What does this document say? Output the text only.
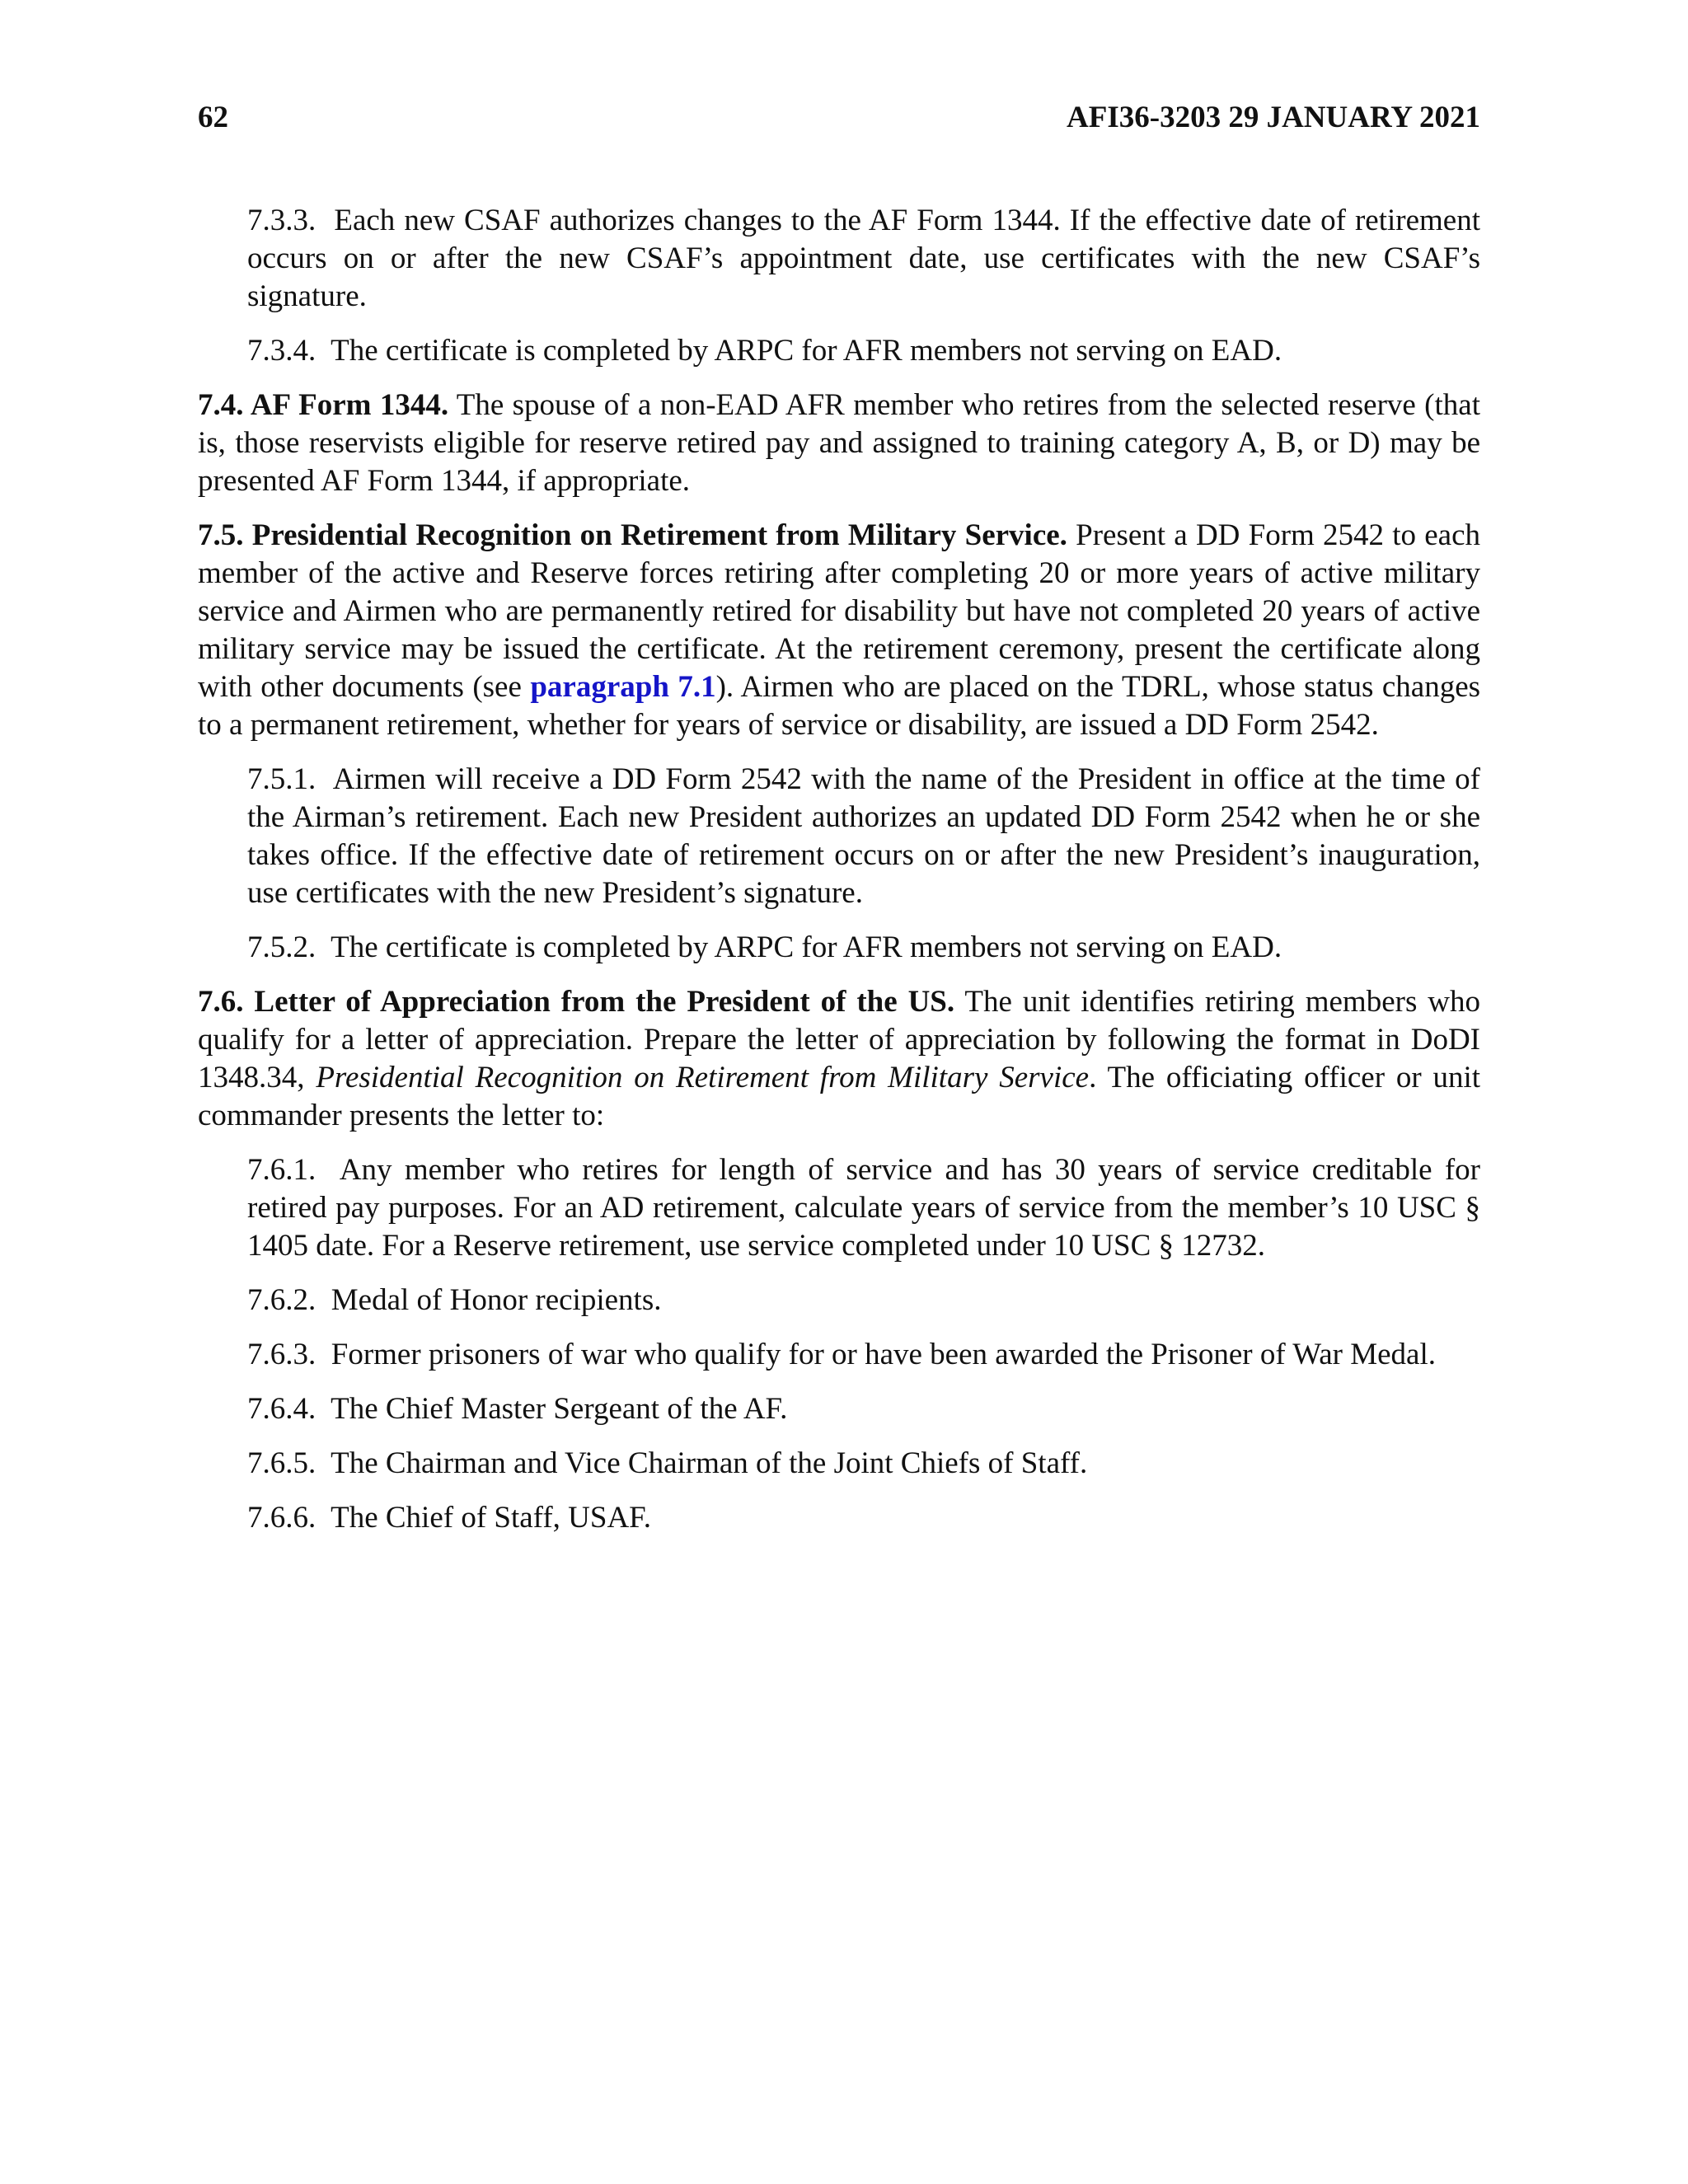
62	AFI36-3203 29 JANUARY 2021

7.3.3. Each new CSAF authorizes changes to the AF Form 1344. If the effective date of retirement occurs on or after the new CSAF’s appointment date, use certificates with the new CSAF’s signature.

7.3.4. The certificate is completed by ARPC for AFR members not serving on EAD.

7.4. AF Form 1344. The spouse of a non-EAD AFR member who retires from the selected reserve (that is, those reservists eligible for reserve retired pay and assigned to training category A, B, or D) may be presented AF Form 1344, if appropriate.

7.5. Presidential Recognition on Retirement from Military Service. Present a DD Form 2542 to each member of the active and Reserve forces retiring after completing 20 or more years of active military service and Airmen who are permanently retired for disability but have not completed 20 years of active military service may be issued the certificate. At the retirement ceremony, present the certificate along with other documents (see paragraph 7.1). Airmen who are placed on the TDRL, whose status changes to a permanent retirement, whether for years of service or disability, are issued a DD Form 2542.

7.5.1. Airmen will receive a DD Form 2542 with the name of the President in office at the time of the Airman’s retirement. Each new President authorizes an updated DD Form 2542 when he or she takes office. If the effective date of retirement occurs on or after the new President’s inauguration, use certificates with the new President’s signature.

7.5.2. The certificate is completed by ARPC for AFR members not serving on EAD.

7.6. Letter of Appreciation from the President of the US. The unit identifies retiring members who qualify for a letter of appreciation. Prepare the letter of appreciation by following the format in DoDI 1348.34, Presidential Recognition on Retirement from Military Service. The officiating officer or unit commander presents the letter to:

7.6.1. Any member who retires for length of service and has 30 years of service creditable for retired pay purposes. For an AD retirement, calculate years of service from the member’s 10 USC § 1405 date. For a Reserve retirement, use service completed under 10 USC § 12732.

7.6.2. Medal of Honor recipients.

7.6.3. Former prisoners of war who qualify for or have been awarded the Prisoner of War Medal.

7.6.4. The Chief Master Sergeant of the AF.

7.6.5. The Chairman and Vice Chairman of the Joint Chiefs of Staff.

7.6.6. The Chief of Staff, USAF.
